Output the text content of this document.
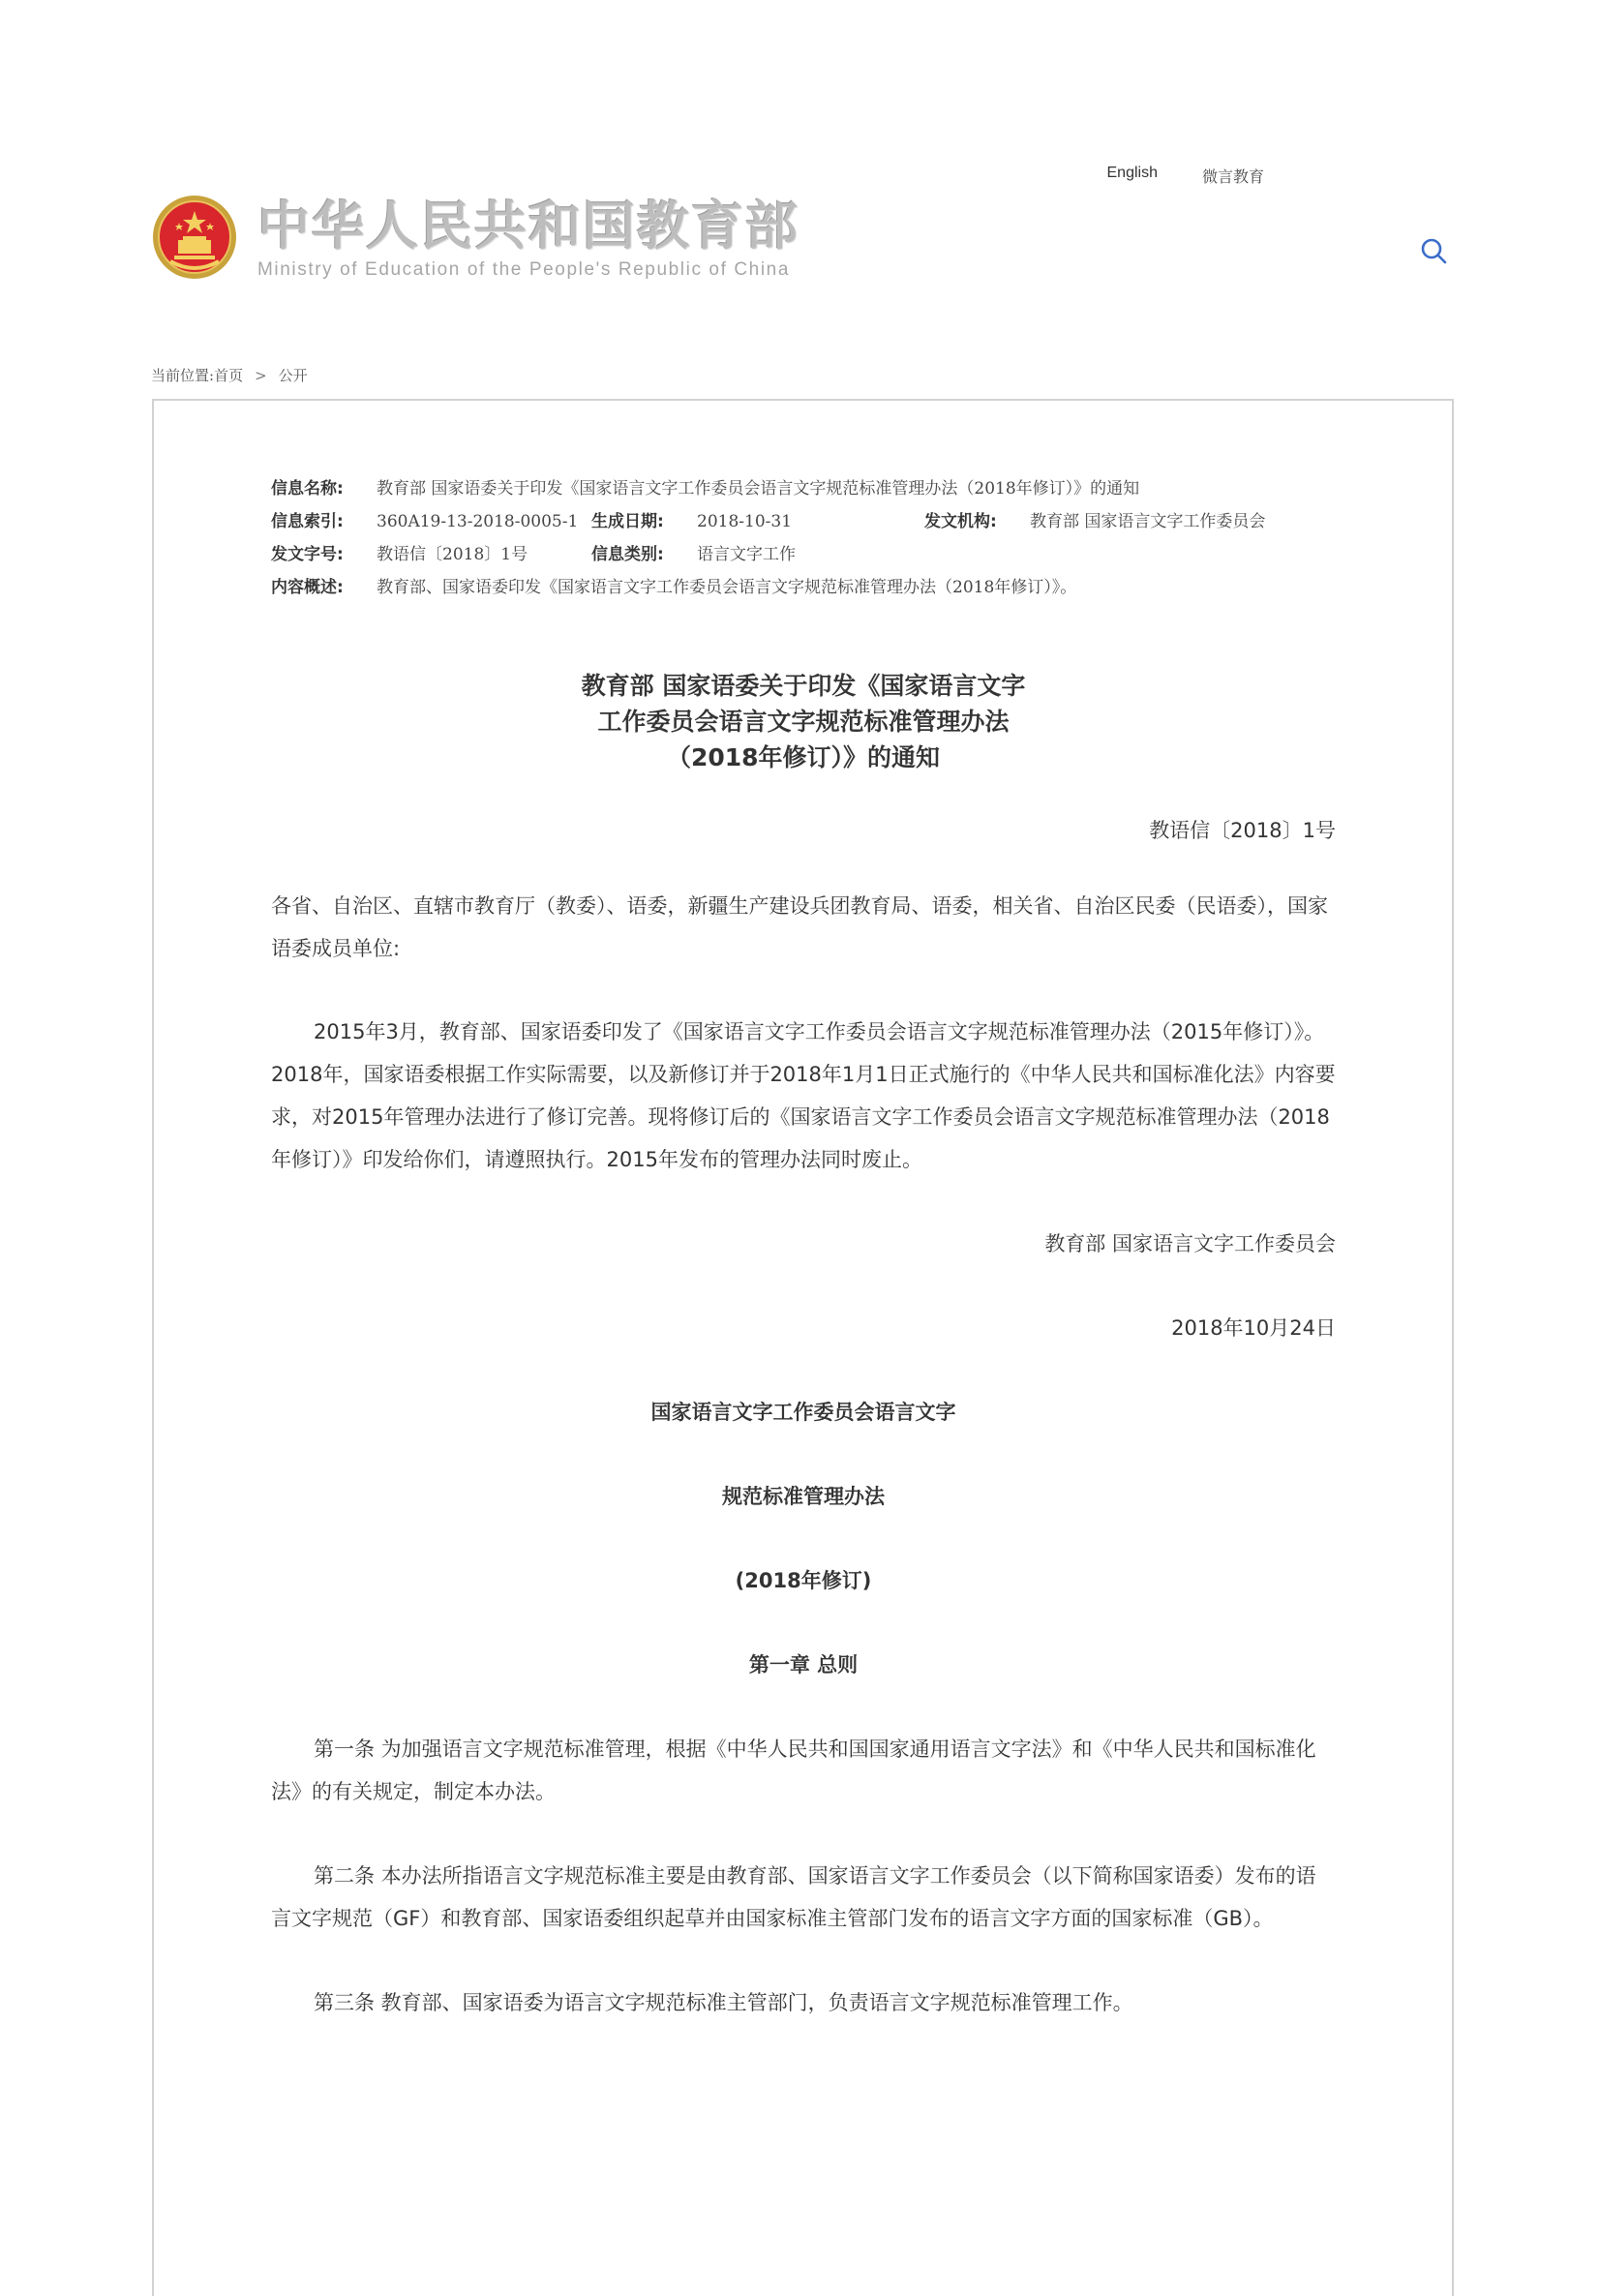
English	微言教育
中华人民共和国教育部
Ministry of Education of the People's Republic of China
当前位置:首页 > 公开
信息名称: 教育部 国家语委关于印发《国家语言文字工作委员会语言文字规范标准管理办法（2018年修订）》的通知
信息索引: 360A19-13-2018-0005-1 生成日期: 2018-10-31	发文机构: 教育部 国家语言文字工作委员会
发文字号: 教语信〔2018〕1号	信息类别: 语言文字工作
内容概述: 教育部、国家语委印发《国家语言文字工作委员会语言文字规范标准管理办法（2018年修订）》。
教育部 国家语委关于印发《国家语言文字
工作委员会语言文字规范标准管理办法
（2018年修订）》的通知
教语信〔2018〕1号

各省、自治区、直辖市教育厅（教委）、语委，新疆生产建设兵团教育局、语委，相关省、自治区民委（民语委），国家语委成员单位:

2015年3月，教育部、国家语委印发了《国家语言文字工作委员会语言文字规范标准管理办法（2015年修订）》。2018年，国家语委根据工作实际需要，以及新修订并于2018年1月1日正式施行的《中华人民共和国标准化法》内容要求，对2015年管理办法进行了修订完善。现将修订后的《国家语言文字工作委员会语言文字规范标准管理办法（2018年修订）》印发给你们，请遵照执行。2015年发布的管理办法同时废止。

教育部 国家语言文字工作委员会

2018年10月24日

国家语言文字工作委员会语言文字

规范标准管理办法

(2018年修订)

第一章 总则

第一条 为加强语言文字规范标准管理，根据《中华人民共和国国家通用语言文字法》和《中华人民共和国标准化法》的有关规定，制定本办法。

第二条 本办法所指语言文字规范标准主要是由教育部、国家语言文字工作委员会（以下简称国家语委）发布的语言文字规范（GF）和教育部、国家语委组织起草并由国家标准主管部门发布的语言文字方面的国家标准（GB）。

第三条 教育部、国家语委为语言文字规范标准主管部门，负责语言文字规范标准管理工作。
